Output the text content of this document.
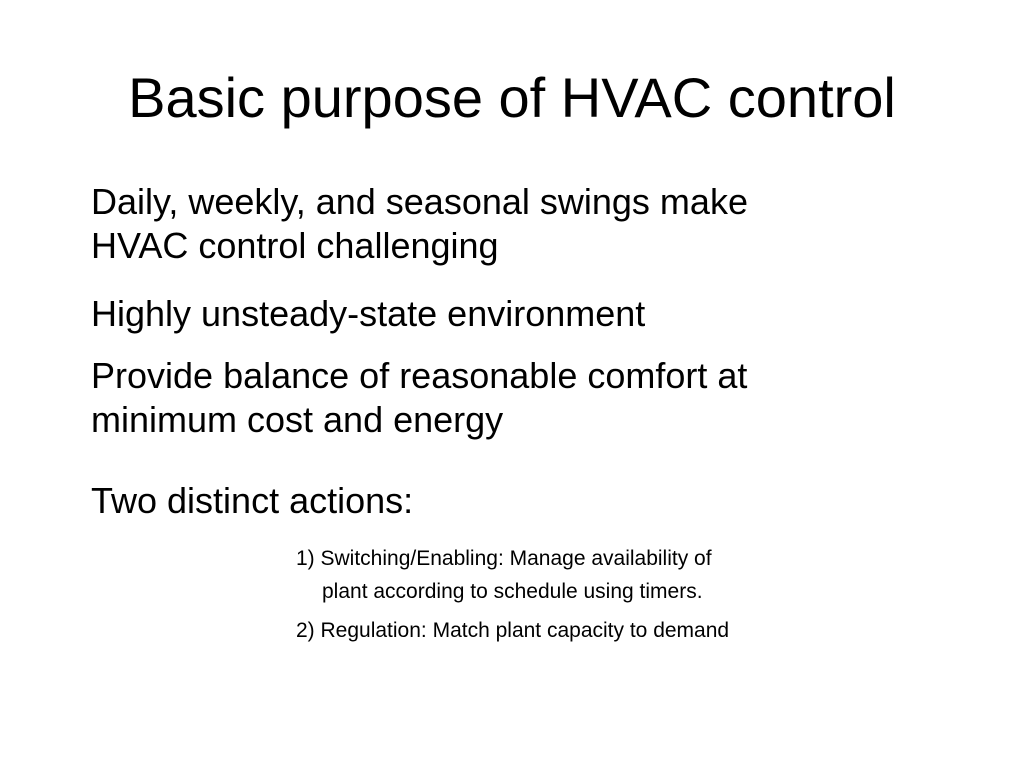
Basic purpose of HVAC control
Daily, weekly, and seasonal swings make
HVAC control challenging
Highly unsteady-state environment
Provide balance of reasonable comfort at
minimum cost and energy
Two distinct actions:
1) Switching/Enabling: Manage availability of
plant according to schedule using timers.
2) Regulation: Match plant capacity to demand
